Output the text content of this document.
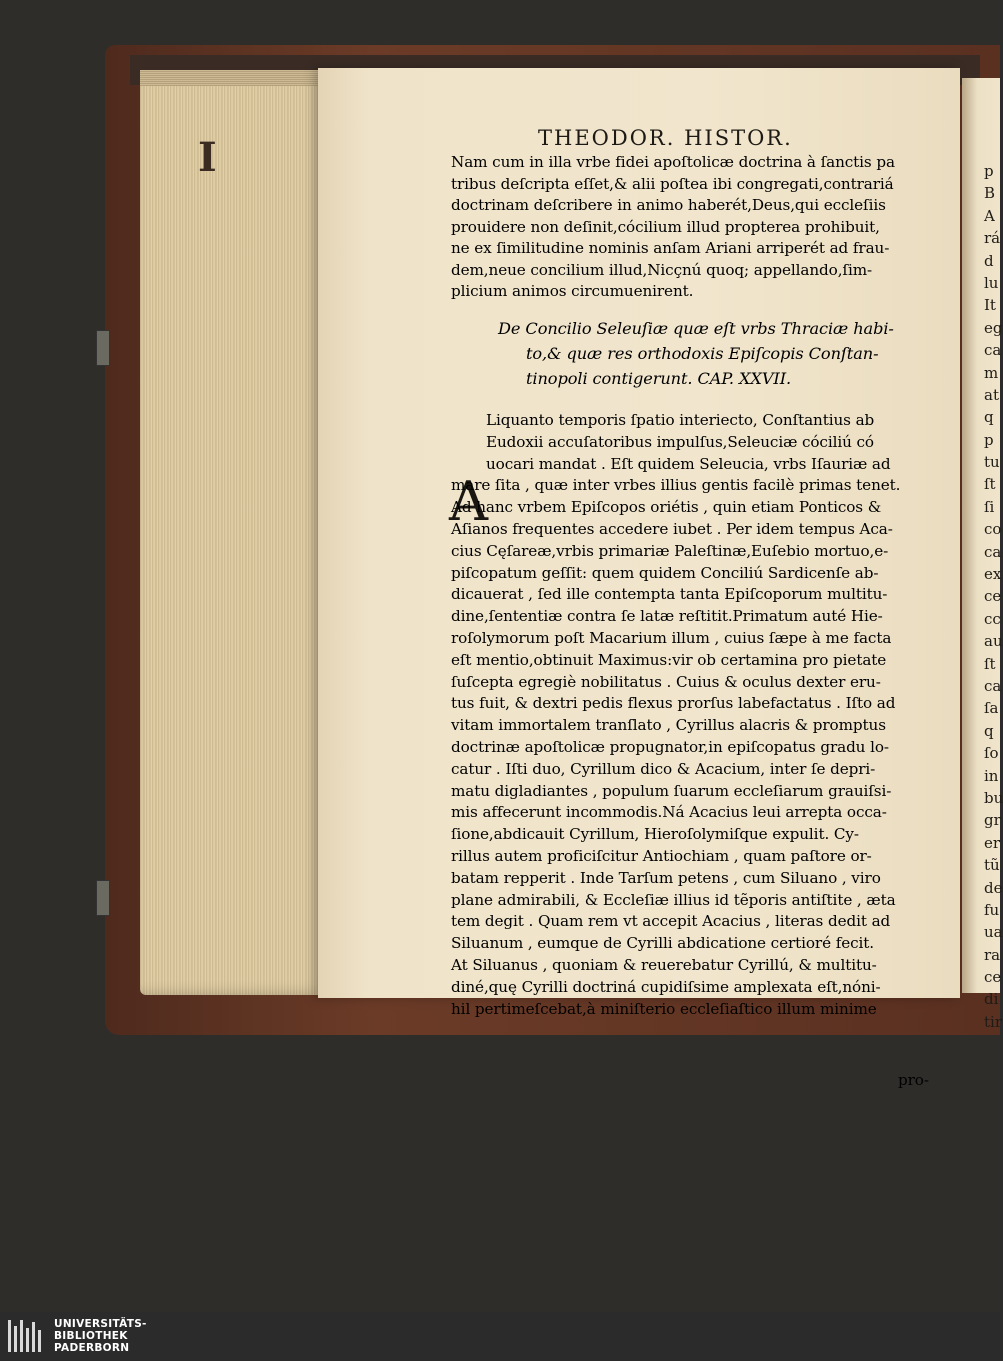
I	THEODOR. HISTOR.
Nam cum in illa vrbe fidei apoſtolicæ doctrina à ſanctis pa
tribus deſcripta eſſet,& alii poſtea ibi congregati,contrariá
doctrinam deſcribere in animo haberét,Deus,qui eccleſiis
prouidere non deſinit,cócilium illud propterea prohibuit,
ne ex ſimilitudine nominis anſam Ariani arriperét ad frau-
dem,neue concilium illud,Nicçnú quoq; appellando,ſim-
plicium animos circumuenirent.
De Concilio Seleuſiæ quæ eſt vrbs Thraciæ habi-
to,& quæ res orthodoxis Epiſcopis Conſtan-
tinopoli contigerunt. CAP. XXVII.
A
Liquanto temporis ſpatio interiecto, Conſtantius ab
Eudoxii accuſatoribus impulſus,Seleuciæ cóciliú có
uocari mandat . Eſt quidem Seleucia, vrbs Iſauriæ ad
mare ſita , quæ inter vrbes illius gentis facilè primas tenet.
Ad hanc vrbem Epiſcopos oriétis , quin etiam Ponticos &
Aſianos frequentes accedere iubet . Per idem tempus Aca-
cius Cęſareæ,vrbis primariæ Paleſtinæ,Euſebio mortuo,e-
piſcopatum geſſit: quem quidem Conciliú Sardicenſe ab-
dicauerat , ſed ille contempta tanta Epiſcoporum multitu-
dine,ſententiæ contra ſe latæ reſtitit.Primatum auté Hie-
roſolymorum poſt Macarium illum , cuius ſæpe à me facta
eſt mentio,obtinuit Maximus:vir ob certamina pro pietate
ſuſcepta egregiè nobilitatus . Cuius & oculus dexter eru-
tus fuit, & dextri pedis flexus prorſus labefactatus . Iſto ad
vitam immortalem tranſlato , Cyrillus alacris & promptus
doctrinæ apoſtolicæ propugnator,in epiſcopatus gradu lo-
catur . Iſti duo, Cyrillum dico & Acacium, inter ſe depri-
matu digladiantes , populum ſuarum eccleſiarum grauiſsi-
mis affecerunt incommodis.Ná Acacius leui arrepta occa-
ſione,abdicauit Cyrillum, Hieroſolymiſque expulit. Cy-
rillus autem proficiſcitur Antiochiam , quam paſtore or-
batam repperit . Inde Tarſum petens , cum Siluano , viro
plane admirabili, & Eccleſiæ illius id tẽporis antiſtite , æta
tem degit . Quam rem vt accepit Acacius , literas dedit ad
Siluanum , eumque de Cyrilli abdicatione certioré fecit.
At Siluanus , quoniam & reuerebatur Cyrillú, & multitu-
diné,quę Cyrilli doctriná cupidiſsime amplexata eſt,nóni-
hil pertimeſcebat,à miniſterio eccleſiaſtico illum minime
pro-
p
B
A
rá
d
lu
It
eg
ca
m
at
q
p
tu
ſt
ſi
co
ca
ex
ce
cc
au
ſt
ca
ſa
q
ſo
in
bu
gr
er
tũ
de
fu
ua
ra
ce
di
tir
UNIVERSITÄTS-
BIBLIOTHEK
PADERBORN
